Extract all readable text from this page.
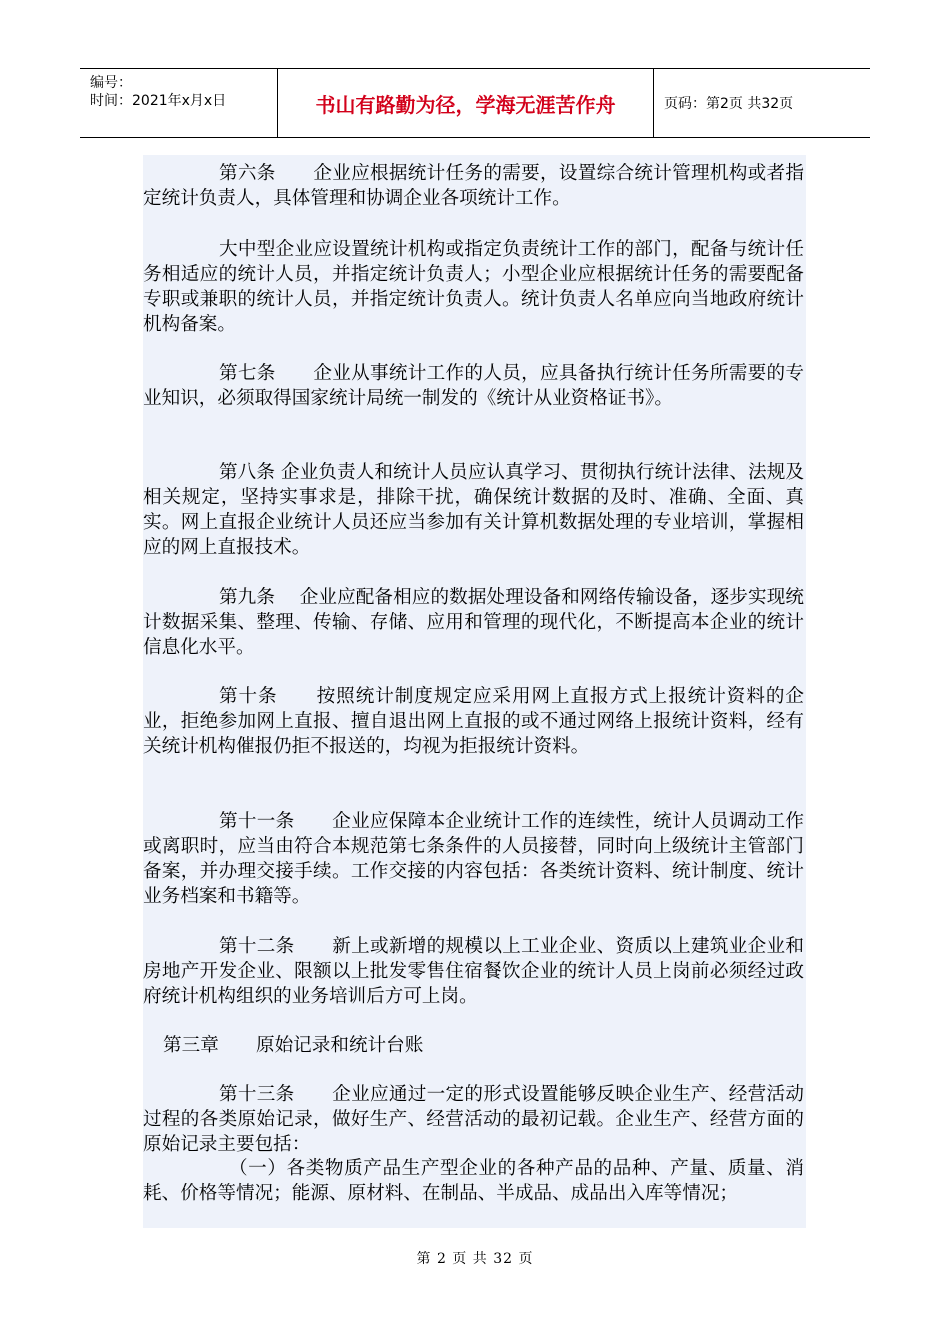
编号：
时间：2021年x月x日	书山有路勤为径，学海无涯苦作舟	页码：第2页 共32页

第六条　　企业应根据统计任务的需要，设置综合统计管理机构或者指定统计负责人，具体管理和协调企业各项统计工作。

大中型企业应设置统计机构或指定负责统计工作的部门，配备与统计任务相适应的统计人员，并指定统计负责人；小型企业应根据统计任务的需要配备专职或兼职的统计人员，并指定统计负责人。统计负责人名单应向当地政府统计机构备案。

第七条　　企业从事统计工作的人员，应具备执行统计任务所需要的专业知识，必须取得国家统计局统一制发的《统计从业资格证书》。

第八条 企业负责人和统计人员应认真学习、贯彻执行统计法律、法规及相关规定，坚持实事求是，排除干扰，确保统计数据的及时、准确、全面、真实。网上直报企业统计人员还应当参加有关计算机数据处理的专业培训，掌握相应的网上直报技术。

第九条　 企业应配备相应的数据处理设备和网络传输设备，逐步实现统计数据采集、整理、传输、存储、应用和管理的现代化，不断提高本企业的统计信息化水平。

第十条　　按照统计制度规定应采用网上直报方式上报统计资料的企业，拒绝参加网上直报、擅自退出网上直报的或不通过网络上报统计资料，经有关统计机构催报仍拒不报送的，均视为拒报统计资料。

第十一条　　企业应保障本企业统计工作的连续性，统计人员调动工作或离职时，应当由符合本规范第七条条件的人员接替，同时向上级统计主管部门备案，并办理交接手续。工作交接的内容包括：各类统计资料、统计制度、统计业务档案和书籍等。

第十二条　　新上或新增的规模以上工业企业、资质以上建筑业企业和房地产开发企业、限额以上批发零售住宿餐饮企业的统计人员上岗前必须经过政府统计机构组织的业务培训后方可上岗。

第三章　　原始记录和统计台账

第十三条　　企业应通过一定的形式设置能够反映企业生产、经营活动过程的各类原始记录，做好生产、经营活动的最初记载。企业生产、经营方面的原始记录主要包括：

（一）各类物质产品生产型企业的各种产品的品种、产量、质量、消耗、价格等情况；能源、原材料、在制品、半成品、成品出入库等情况；

第 2 页 共 32 页
